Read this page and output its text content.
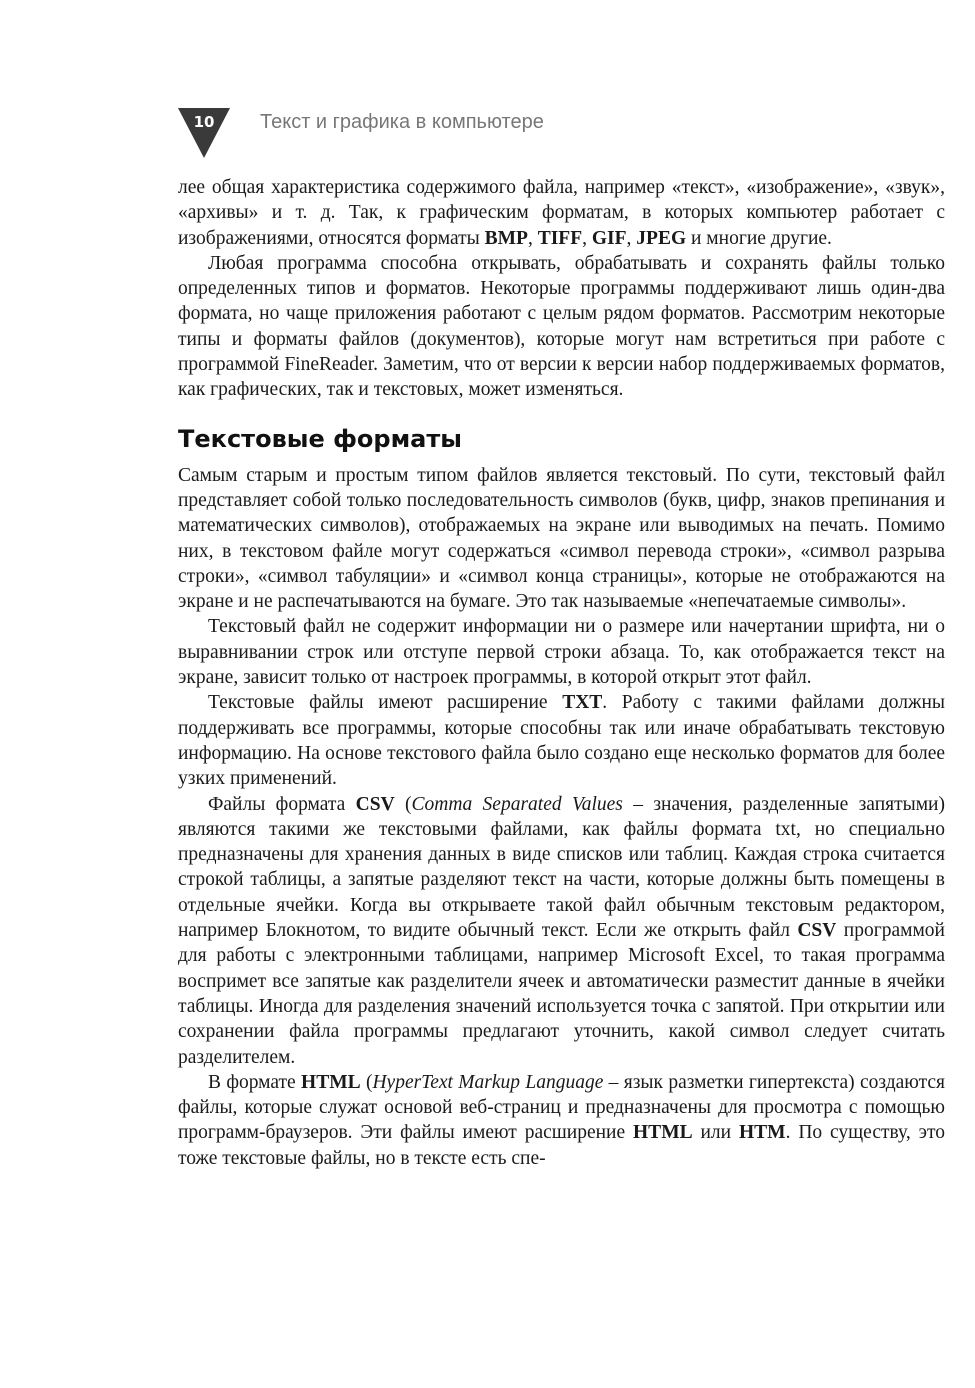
10	Текст и графика в компьютере

лее общая характеристика содержимого файла, например «текст», «изображение», «звук», «архивы» и т. д. Так, к графическим форматам, в которых компьютер работает с изображениями, относятся форматы BMP, TIFF, GIF, JPEG и многие другие.

Любая программа способна открывать, обрабатывать и сохранять файлы только определенных типов и форматов. Некоторые программы поддерживают лишь один-два формата, но чаще приложения работают с целым рядом форматов. Рассмотрим некоторые типы и форматы файлов (документов), которые могут нам встретиться при работе с программой FineReader. Заметим, что от версии к версии набор поддерживаемых форматов, как графических, так и текстовых, может изменяться.

Текстовые форматы

Самым старым и простым типом файлов является текстовый. По сути, текстовый файл представляет собой только последовательность символов (букв, цифр, знаков препинания и математических символов), отображаемых на экране или выводимых на печать. Помимо них, в текстовом файле могут содержаться «символ перевода строки», «символ разрыва строки», «символ табуляции» и «символ конца страницы», которые не отображаются на экране и не распечатываются на бумаге. Это так называемые «непечатаемые символы».

Текстовый файл не содержит информации ни о размере или начертании шрифта, ни о выравнивании строк или отступе первой строки абзаца. То, как отображается текст на экране, зависит только от настроек программы, в которой открыт этот файл.

Текстовые файлы имеют расширение TXT. Работу с такими файлами должны поддерживать все программы, которые способны так или иначе обрабатывать текстовую информацию. На основе текстового файла было создано еще несколько форматов для более узких применений.

Файлы формата CSV (Comma Separated Values – значения, разделенные запятыми) являются такими же текстовыми файлами, как файлы формата txt, но специально предназначены для хранения данных в виде списков или таблиц. Каждая строка считается строкой таблицы, а запятые разделяют текст на части, которые должны быть помещены в отдельные ячейки. Когда вы открываете такой файл обычным текстовым редактором, например Блокнотом, то видите обычный текст. Если же открыть файл CSV программой для работы с электронными таблицами, например Microsoft Excel, то такая программа воспримет все запятые как разделители ячеек и автоматически разместит данные в ячейки таблицы. Иногда для разделения значений используется точка с запятой. При открытии или сохранении файла программы предлагают уточнить, какой символ следует считать разделителем.

В формате HTML (HyperText Markup Language – язык разметки гипертекста) создаются файлы, которые служат основой веб-страниц и предназначены для просмотра с помощью программ-браузеров. Эти файлы имеют расширение HTML или HTM. По существу, это тоже текстовые файлы, но в тексте есть спе-
